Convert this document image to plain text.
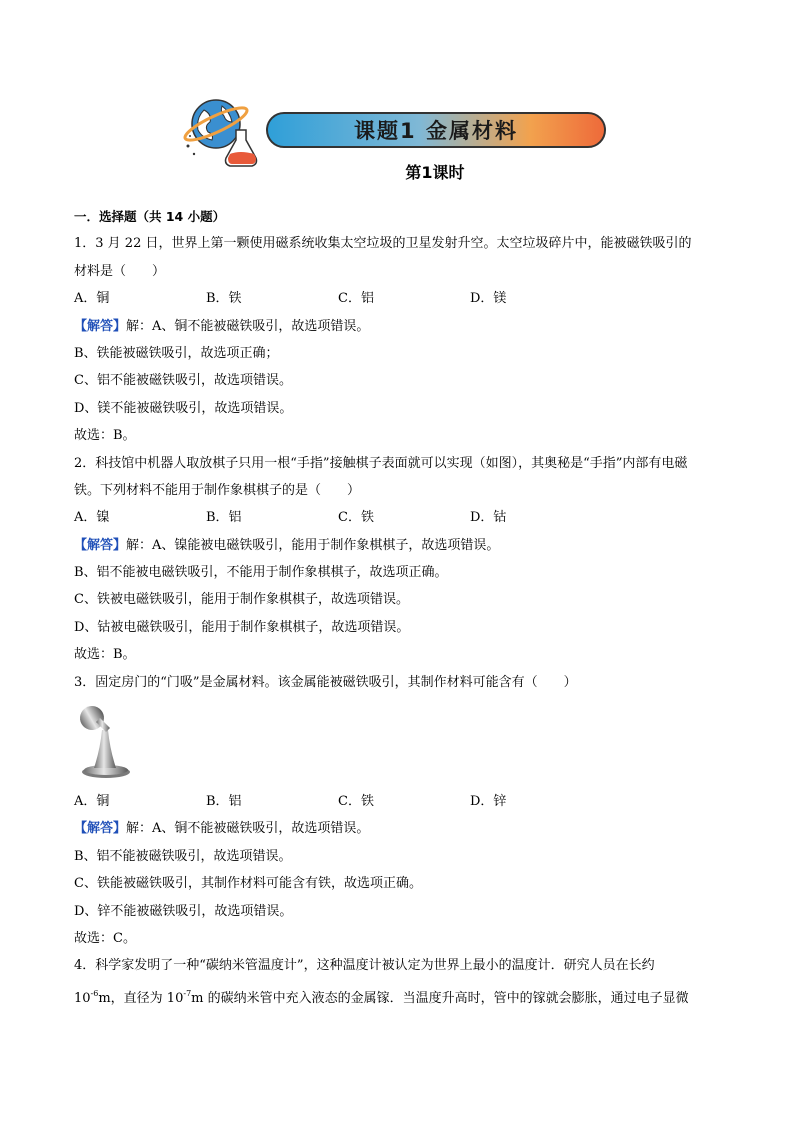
课题1 金属材料
第1课时
一．选择题（共 14 小题）
1．3 月 22 日，世界上第一颗使用磁系统收集太空垃圾的卫星发射升空。太空垃圾碎片中，能被磁铁吸引的
材料是（　　）
A．铜	B．铁	C．铝	D．镁
【解答】解：A、铜不能被磁铁吸引，故选项错误。
B、铁能被磁铁吸引，故选项正确；
C、铝不能被磁铁吸引，故选项错误。
D、镁不能被磁铁吸引，故选项错误。
故选：B。
2．科技馆中机器人取放棋子只用一根“手指”接触棋子表面就可以实现（如图），其奥秘是“手指”内部有电磁
铁。下列材料不能用于制作象棋棋子的是（　　）
A．镍	B．铝	C．铁	D．钴
【解答】解：A、镍能被电磁铁吸引，能用于制作象棋棋子，故选项错误。
B、铝不能被电磁铁吸引，不能用于制作象棋棋子，故选项正确。
C、铁被电磁铁吸引，能用于制作象棋棋子，故选项错误。
D、钴被电磁铁吸引，能用于制作象棋棋子，故选项错误。
故选：B。
3．固定房门的“门吸”是金属材料。该金属能被磁铁吸引，其制作材料可能含有（　　）
A．铜	B．铝	C．铁	D．锌
【解答】解：A、铜不能被磁铁吸引，故选项错误。
B、铝不能被磁铁吸引，故选项错误。
C、铁能被磁铁吸引，其制作材料可能含有铁，故选项正确。
D、锌不能被磁铁吸引，故选项错误。
故选：C。
4．科学家发明了一种“碳纳米管温度计”，这种温度计被认定为世界上最小的温度计．研究人员在长约
$10^{-6}m$，直径为 $10^{-7}m$ 的碳纳米管中充入液态的金属镓．当温度升高时，管中的镓就会膨胀，通过电子显微
